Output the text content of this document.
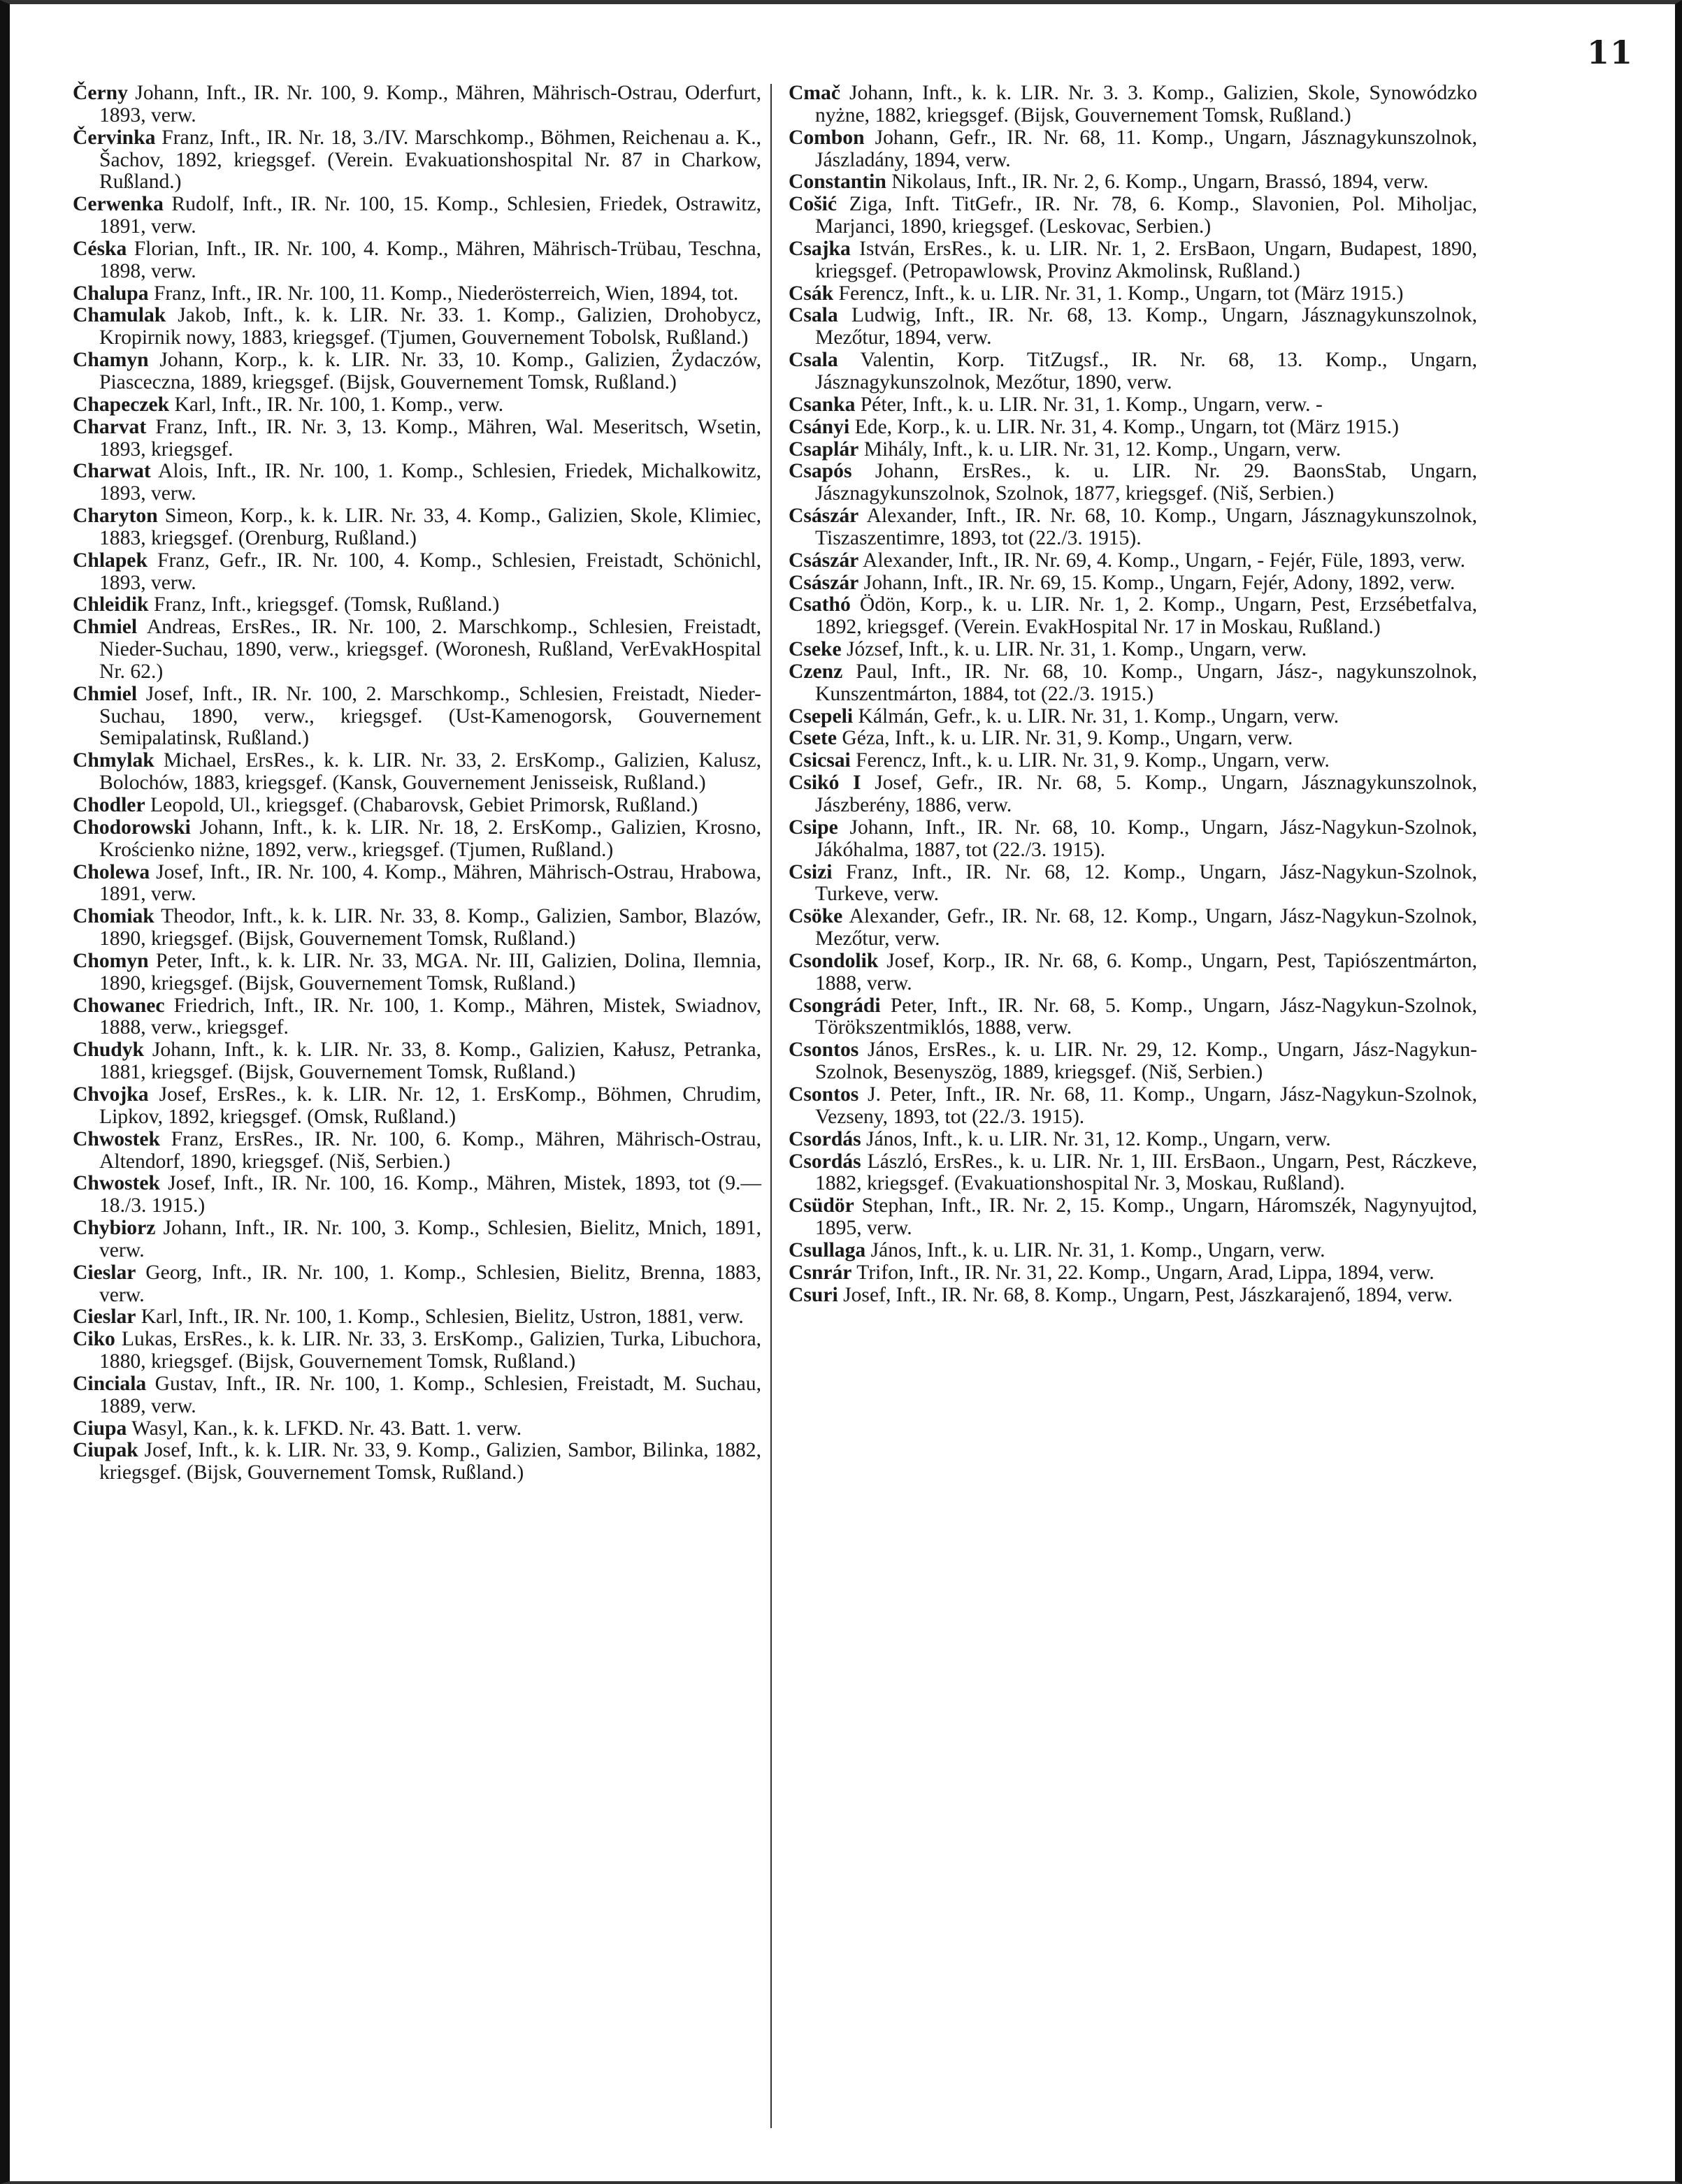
11

Černy Johann, Inft., IR. Nr. 100, 9. Komp., Mähren, Mährisch-Ostrau, Oderfurt, 1893, verw.

Červinka Franz, Inft., IR. Nr. 18, 3./IV. Marschkomp., Böhmen, Reichenau a. K., Šachov, 1892, kriegsgef. (Verein. Evakuationshospital Nr. 87 in Charkow, Rußland.)

Cerwenka Rudolf, Inft., IR. Nr. 100, 15. Komp., Schlesien, Friedek, Ostrawitz, 1891, verw.

Céska Florian, Inft., IR. Nr. 100, 4. Komp., Mähren, Mährisch-Trübau, Teschna, 1898, verw.

Chalupa Franz, Inft., IR. Nr. 100, 11. Komp., Niederösterreich, Wien, 1894, tot.

Chamulak Jakob, Inft., k. k. LIR. Nr. 33. 1. Komp., Galizien, Drohobycz, Kropirnik nowy, 1883, kriegsgef. (Tjumen, Gouvernement Tobolsk, Rußland.)

Chamyn Johann, Korp., k. k. LIR. Nr. 33, 10. Komp., Galizien, Żydaczów, Piasceczna, 1889, kriegsgef. (Bijsk, Gouvernement Tomsk, Rußland.)

Chapeczek Karl, Inft., IR. Nr. 100, 1. Komp., verw.

Charvat Franz, Inft., IR. Nr. 3, 13. Komp., Mähren, Wal. Meseritsch, Wsetin, 1893, kriegsgef.

Charwat Alois, Inft., IR. Nr. 100, 1. Komp., Schlesien, Friedek, Michalkowitz, 1893, verw.

Charyton Simeon, Korp., k. k. LIR. Nr. 33, 4. Komp., Galizien, Skole, Klimiec, 1883, kriegsgef. (Orenburg, Rußland.)

Chlapek Franz, Gefr., IR. Nr. 100, 4. Komp., Schlesien, Freistadt, Schönichl, 1893, verw.

Chleidik Franz, Inft., kriegsgef. (Tomsk, Rußland.)

Chmiel Andreas, ErsRes., IR. Nr. 100, 2. Marschkomp., Schlesien, Freistadt, Nieder-Suchau, 1890, verw., kriegsgef. (Woronesh, Rußland, VerEvakHospital Nr. 62.)

Chmiel Josef, Inft., IR. Nr. 100, 2. Marschkomp., Schlesien, Freistadt, Nieder-Suchau, 1890, verw., kriegsgef. (Ust-Kamenogorsk, Gouvernement Semipalatinsk, Rußland.)

Chmylak Michael, ErsRes., k. k. LIR. Nr. 33, 2. ErsKomp., Galizien, Kalusz, Bolochów, 1883, kriegsgef. (Kansk, Gouvernement Jenisseisk, Rußland.)

Chodler Leopold, Ul., kriegsgef. (Chabarovsk, Gebiet Primorsk, Rußland.)

Chodorowski Johann, Inft., k. k. LIR. Nr. 18, 2. ErsKomp., Galizien, Krosno, Krościenko niżne, 1892, verw., kriegsgef. (Tjumen, Rußland.)

Cholewa Josef, Inft., IR. Nr. 100, 4. Komp., Mähren, Mährisch-Ostrau, Hrabowa, 1891, verw.

Chomiak Theodor, Inft., k. k. LIR. Nr. 33, 8. Komp., Galizien, Sambor, Blazów, 1890, kriegsgef. (Bijsk, Gouvernement Tomsk, Rußland.)

Chomyn Peter, Inft., k. k. LIR. Nr. 33, MGA. Nr. III, Galizien, Dolina, Ilemnia, 1890, kriegsgef. (Bijsk, Gouvernement Tomsk, Rußland.)

Chowanec Friedrich, Inft., IR. Nr. 100, 1. Komp., Mähren, Mistek, Swiadnov, 1888, verw., kriegsgef.

Chudyk Johann, Inft., k. k. LIR. Nr. 33, 8. Komp., Galizien, Kałusz, Petranka, 1881, kriegsgef. (Bijsk, Gouvernement Tomsk, Rußland.)

Chvojka Josef, ErsRes., k. k. LIR. Nr. 12, 1. ErsKomp., Böhmen, Chrudim, Lipkov, 1892, kriegsgef. (Omsk, Rußland.)

Chwostek Franz, ErsRes., IR. Nr. 100, 6. Komp., Mähren, Mährisch-Ostrau, Altendorf, 1890, kriegsgef. (Niš, Serbien.)

Chwostek Josef, Inft., IR. Nr. 100, 16. Komp., Mähren, Mistek, 1893, tot (9.—18./3. 1915.)

Chybiorz Johann, Inft., IR. Nr. 100, 3. Komp., Schlesien, Bielitz, Mnich, 1891, verw.

Cieslar Georg, Inft., IR. Nr. 100, 1. Komp., Schlesien, Bielitz, Brenna, 1883, verw.

Cieslar Karl, Inft., IR. Nr. 100, 1. Komp., Schlesien, Bielitz, Ustron, 1881, verw.

Ciko Lukas, ErsRes., k. k. LIR. Nr. 33, 3. ErsKomp., Galizien, Turka, Libuchora, 1880, kriegsgef. (Bijsk, Gouvernement Tomsk, Rußland.)

Cinciala Gustav, Inft., IR. Nr. 100, 1. Komp., Schlesien, Freistadt, M. Suchau, 1889, verw.

Ciupa Wasyl, Kan., k. k. LFKD. Nr. 43. Batt. 1. verw.

Ciupak Josef, Inft., k. k. LIR. Nr. 33, 9. Komp., Galizien, Sambor, Bilinka, 1882, kriegsgef. (Bijsk, Gouvernement Tomsk, Rußland.)

Cmač Johann, Inft., k. k. LIR. Nr. 3. 3. Komp., Galizien, Skole, Synowódzko nyżne, 1882, kriegsgef. (Bijsk, Gouvernement Tomsk, Rußland.)

Combon Johann, Gefr., IR. Nr. 68, 11. Komp., Ungarn, Jásznagykunszolnok, Jászladány, 1894, verw.

Constantin Nikolaus, Inft., IR. Nr. 2, 6. Komp., Ungarn, Brassó, 1894, verw.

Cošić Ziga, Inft. TitGefr., IR. Nr. 78, 6. Komp., Slavonien, Pol. Miholjac, Marjanci, 1890, kriegsgef. (Leskovac, Serbien.)

Csajka István, ErsRes., k. u. LIR. Nr. 1, 2. ErsBaon, Ungarn, Budapest, 1890, kriegsgef. (Petropawlowsk, Provinz Akmolinsk, Rußland.)

Csák Ferencz, Inft., k. u. LIR. Nr. 31, 1. Komp., Ungarn, tot (März 1915.)

Csala Ludwig, Inft., IR. Nr. 68, 13. Komp., Ungarn, Jásznagykunszolnok, Mezőtur, 1894, verw.

Csala Valentin, Korp. TitZugsf., IR. Nr. 68, 13. Komp., Ungarn, Jásznagykunszolnok, Mezőtur, 1890, verw.

Csanka Péter, Inft., k. u. LIR. Nr. 31, 1. Komp., Ungarn, verw. -

Csányi Ede, Korp., k. u. LIR. Nr. 31, 4. Komp., Ungarn, tot (März 1915.)

Csaplár Mihály, Inft., k. u. LIR. Nr. 31, 12. Komp., Ungarn, verw.

Csapós Johann, ErsRes., k. u. LIR. Nr. 29. BaonsStab, Ungarn, Jásznagykunszolnok, Szolnok, 1877, kriegsgef. (Niš, Serbien.)

Császár Alexander, Inft., IR. Nr. 68, 10. Komp., Ungarn, Jásznagykunszolnok, Tiszaszentimre, 1893, tot (22./3. 1915).

Császár Alexander, Inft., IR. Nr. 69, 4. Komp., Ungarn, - Fejér, Füle, 1893, verw.

Császár Johann, Inft., IR. Nr. 69, 15. Komp., Ungarn, Fejér, Adony, 1892, verw.

Csathó Ödön, Korp., k. u. LIR. Nr. 1, 2. Komp., Ungarn, Pest, Erzsébetfalva, 1892, kriegsgef. (Verein. EvakHospital Nr. 17 in Moskau, Rußland.)

Cseke József, Inft., k. u. LIR. Nr. 31, 1. Komp., Ungarn, verw.

Czenz Paul, Inft., IR. Nr. 68, 10. Komp., Ungarn, Jász-, nagykunszolnok, Kunszentmárton, 1884, tot (22./3. 1915.)

Csepeli Kálmán, Gefr., k. u. LIR. Nr. 31, 1. Komp., Ungarn, verw.

Csete Géza, Inft., k. u. LIR. Nr. 31, 9. Komp., Ungarn, verw.

Csicsai Ferencz, Inft., k. u. LIR. Nr. 31, 9. Komp., Ungarn, verw.

Csikó I Josef, Gefr., IR. Nr. 68, 5. Komp., Ungarn, Jásznagykunszolnok, Jászberény, 1886, verw.

Csipe Johann, Inft., IR. Nr. 68, 10. Komp., Ungarn, Jász-Nagykun-Szolnok, Jákóhalma, 1887, tot (22./3. 1915).

Csizi Franz, Inft., IR. Nr. 68, 12. Komp., Ungarn, Jász-Nagykun-Szolnok, Turkeve, verw.

Csöke Alexander, Gefr., IR. Nr. 68, 12. Komp., Ungarn, Jász-Nagykun-Szolnok, Mezőtur, verw.

Csondolik Josef, Korp., IR. Nr. 68, 6. Komp., Ungarn, Pest, Tapiószentmárton, 1888, verw.

Csongrádi Peter, Inft., IR. Nr. 68, 5. Komp., Ungarn, Jász-Nagykun-Szolnok, Törökszentmiklós, 1888, verw.

Csontos János, ErsRes., k. u. LIR. Nr. 29, 12. Komp., Ungarn, Jász-Nagykun-Szolnok, Besenyszög, 1889, kriegsgef. (Niš, Serbien.)

Csontos J. Peter, Inft., IR. Nr. 68, 11. Komp., Ungarn, Jász-Nagykun-Szolnok, Vezseny, 1893, tot (22./3. 1915).

Csordás János, Inft., k. u. LIR. Nr. 31, 12. Komp., Ungarn, verw.

Csordás László, ErsRes., k. u. LIR. Nr. 1, III. ErsBaon., Ungarn, Pest, Ráczkeve, 1882, kriegsgef. (Evakuationshospital Nr. 3, Moskau, Rußland).

Csüdör Stephan, Inft., IR. Nr. 2, 15. Komp., Ungarn, Háromszék, Nagynyujtod, 1895, verw.

Csullaga János, Inft., k. u. LIR. Nr. 31, 1. Komp., Ungarn, verw.

Csnrár Trifon, Inft., IR. Nr. 31, 22. Komp., Ungarn, Arad, Lippa, 1894, verw.

Csuri Josef, Inft., IR. Nr. 68, 8. Komp., Ungarn, Pest, Jászkarajenő, 1894, verw.
